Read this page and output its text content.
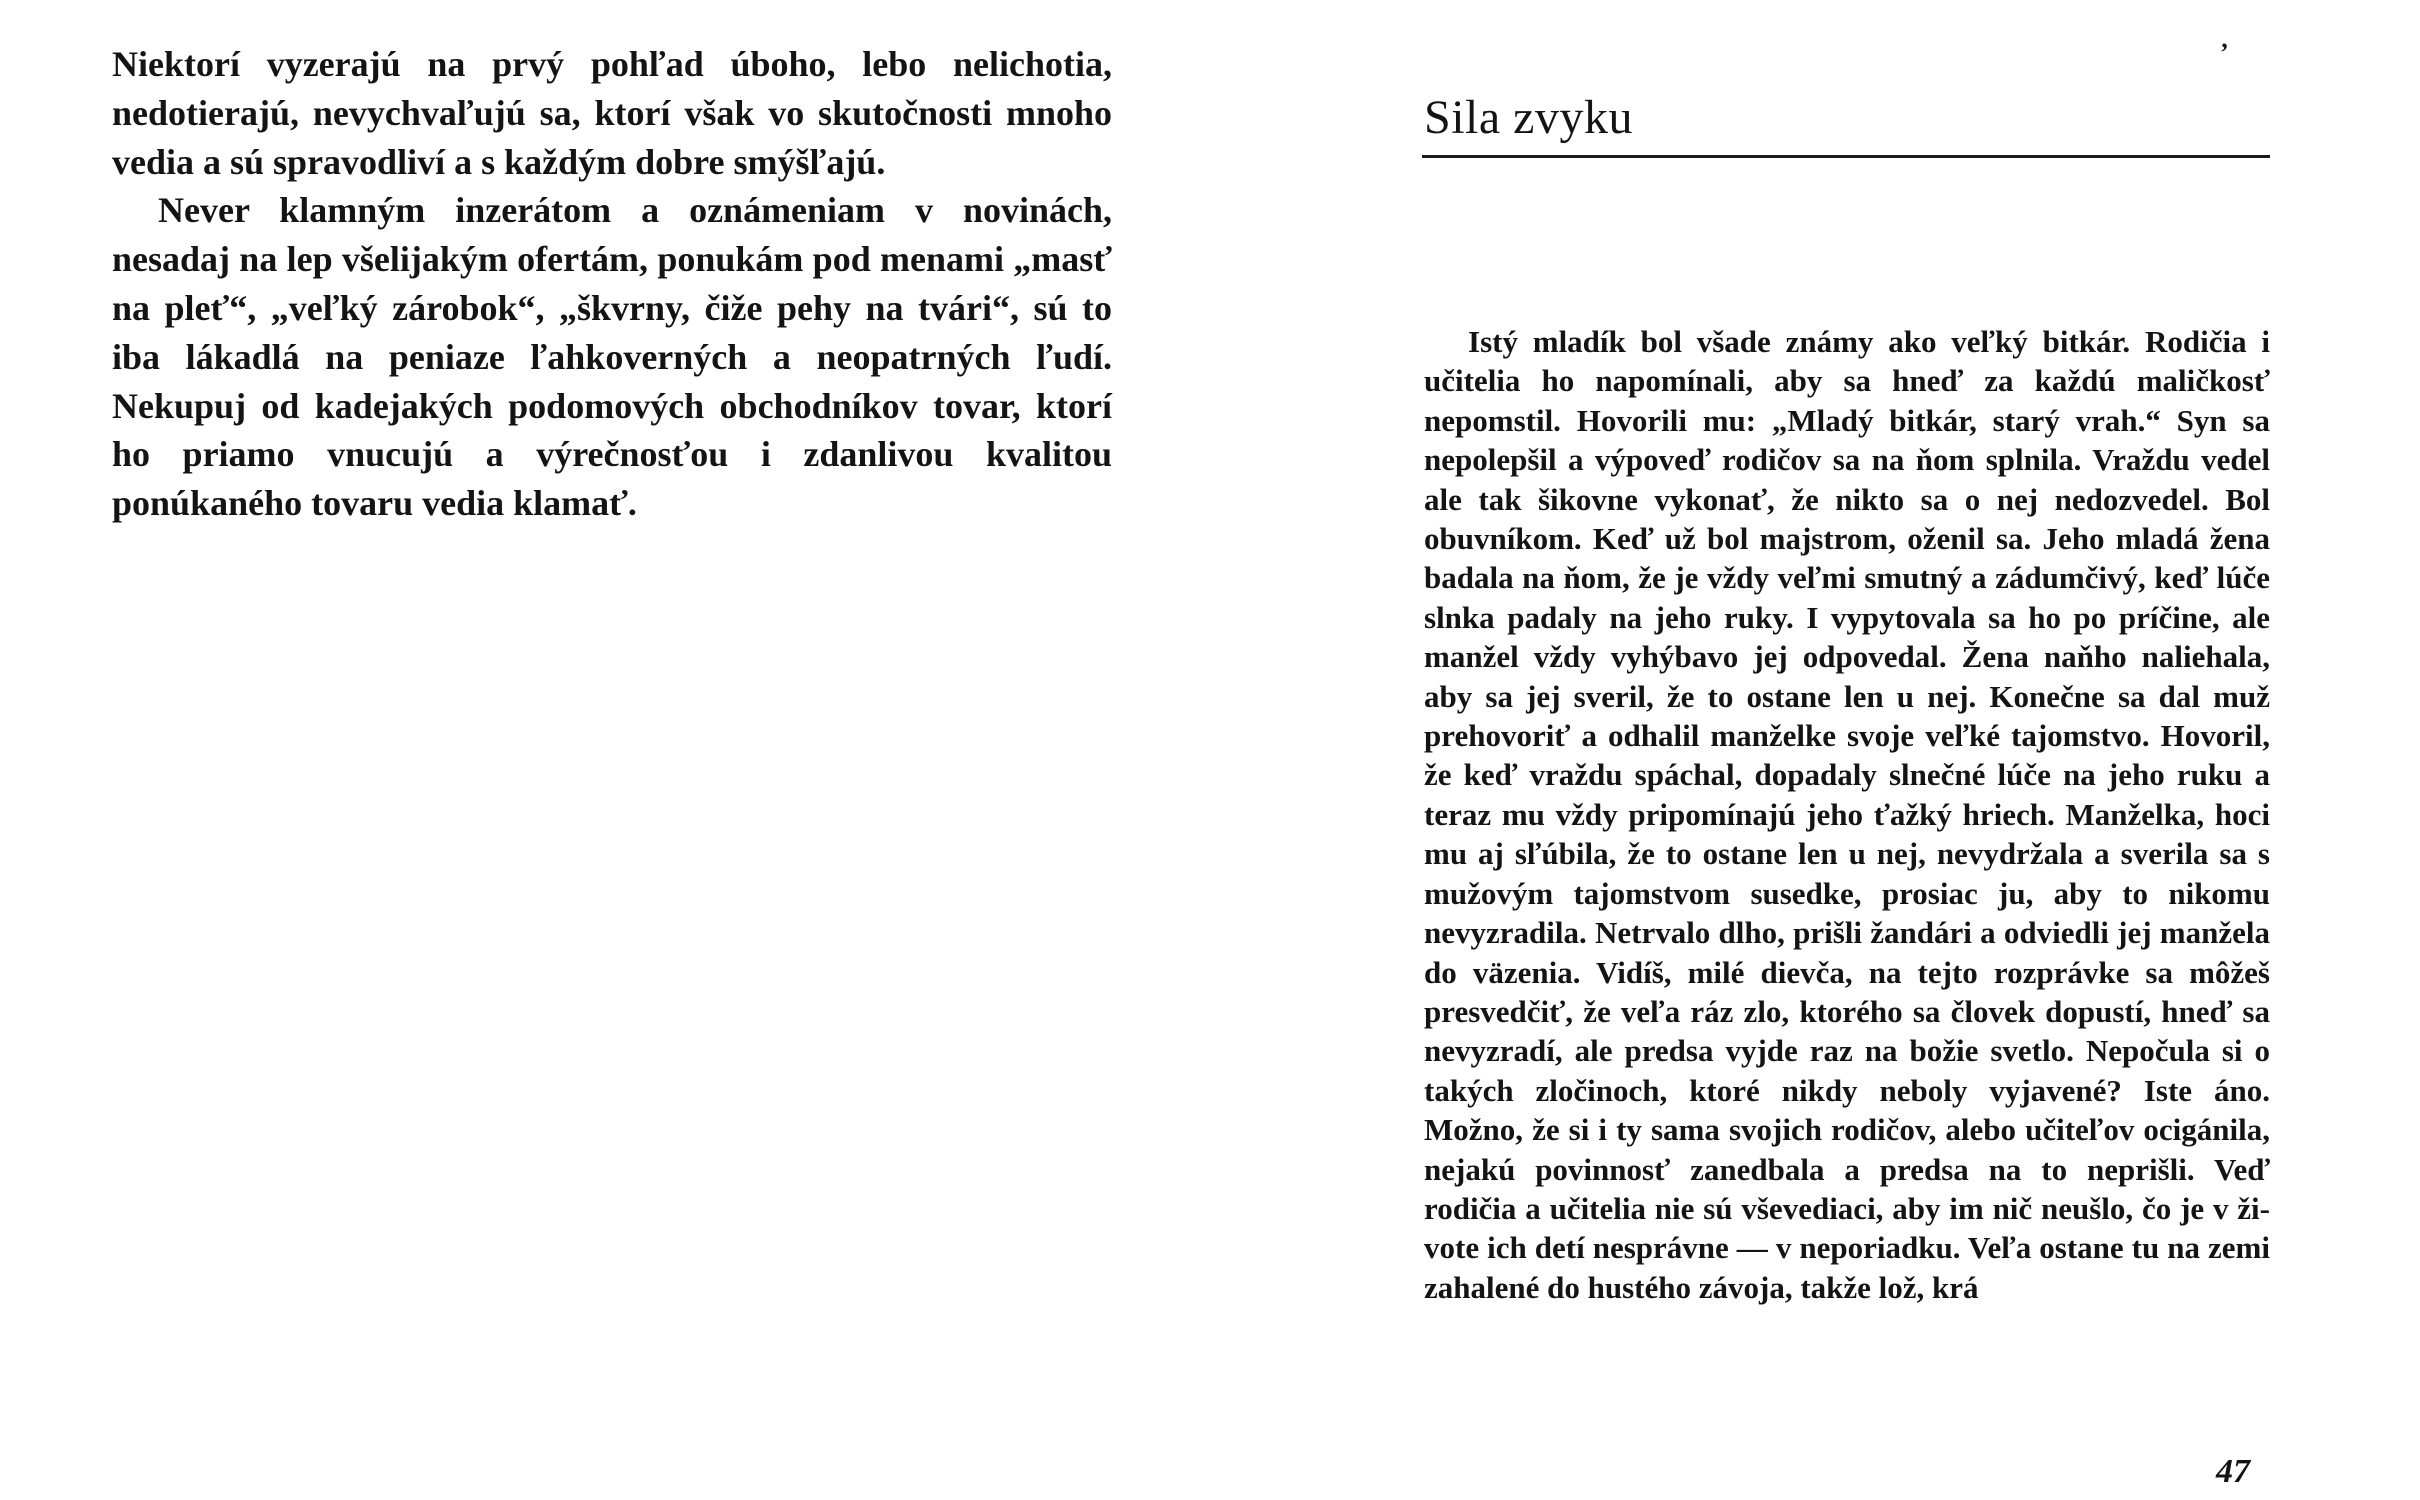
Niektorí vyzerajú na prvý pohľad úboho, lebo nelichotia, nedotierajú, nevychvaľujú sa, ktorí však vo skutočnosti mnoho vedia a sú spravodliví a s každým dobre smýšľajú.

Never klamným inzerátom a oznámeniam v novinách, nesadaj na lep všelijakým ofertám, ponukám pod menami „masť na pleť“, „veľký zárobok“, „škvrny, čiže pehy na tvári“, sú to iba lákadlá na peniaze ľahkoverných a neopatrných ľudí. Nekupuj od kadejakých podomových obchodníkov tovar, ktorí ho priamo vnucujú a výrečnosťou i zdanlivou kvalitou ponúkaného tovaru vedia klamať.

ʼ
Sila zvyku

Istý mladík bol všade známy ako veľký bitkár. Rodičia i učitelia ho napomínali, aby sa hneď za každú maličkosť nepomstil. Hovorili mu: „Mladý bitkár, starý vrah.“ Syn sa nepolepšil a výpoveď rodičov sa na ňom splnila. Vraždu vedel ale tak šikovne vykonať, že nikto sa o nej nedozvedel. Bol obuvníkom. Keď už bol majstrom, oženil sa. Jeho mladá žena badala na ňom, že je vždy veľmi smutný a zádumčivý, keď lúče slnka padaly na jeho ruky. I vypytovala sa ho po príčine, ale manžel vždy vyhýbavo jej odpovedal. Žena naňho naliehala, aby sa jej sveril, že to ostane len u nej. Konečne sa dal muž prehovoriť a odhalil manželke svoje veľké tajomstvo. Hovoril, že keď vraždu spáchal, dopadaly slnečné lúče na jeho ruku a teraz mu vždy pripomínajú jeho ťažký hriech. Manželka, hoci mu aj sľúbila, že to ostane len u nej, nevydržala a sverila sa s mužovým tajomstvom susedke, prosiac ju, aby to nikomu nevyzradila. Netrvalo dlho, prišli žandári a odviedli jej manžela do väzenia. Vidíš, milé dievča, na tejto rozprávke sa môžeš presvedčiť, že veľa ráz zlo, ktorého sa človek dopustí, hneď sa nevyzradí, ale predsa vyjde raz na božie svetlo. Nepočula si o takých zločinoch, ktoré nikdy neboly vyjavené? Iste áno. Možno, že si i ty sama svojich rodičov, alebo učiteľov ocigánila, nejakú povinnosť zanedbala a predsa na to neprišli. Veď rodičia a učitelia nie sú vševediaci, aby im nič neušlo, čo je v živote ich detí nesprávne — v neporiadku. Veľa ostane tu na zemi zahalené do hustého závoja, takže lož, krá

47
